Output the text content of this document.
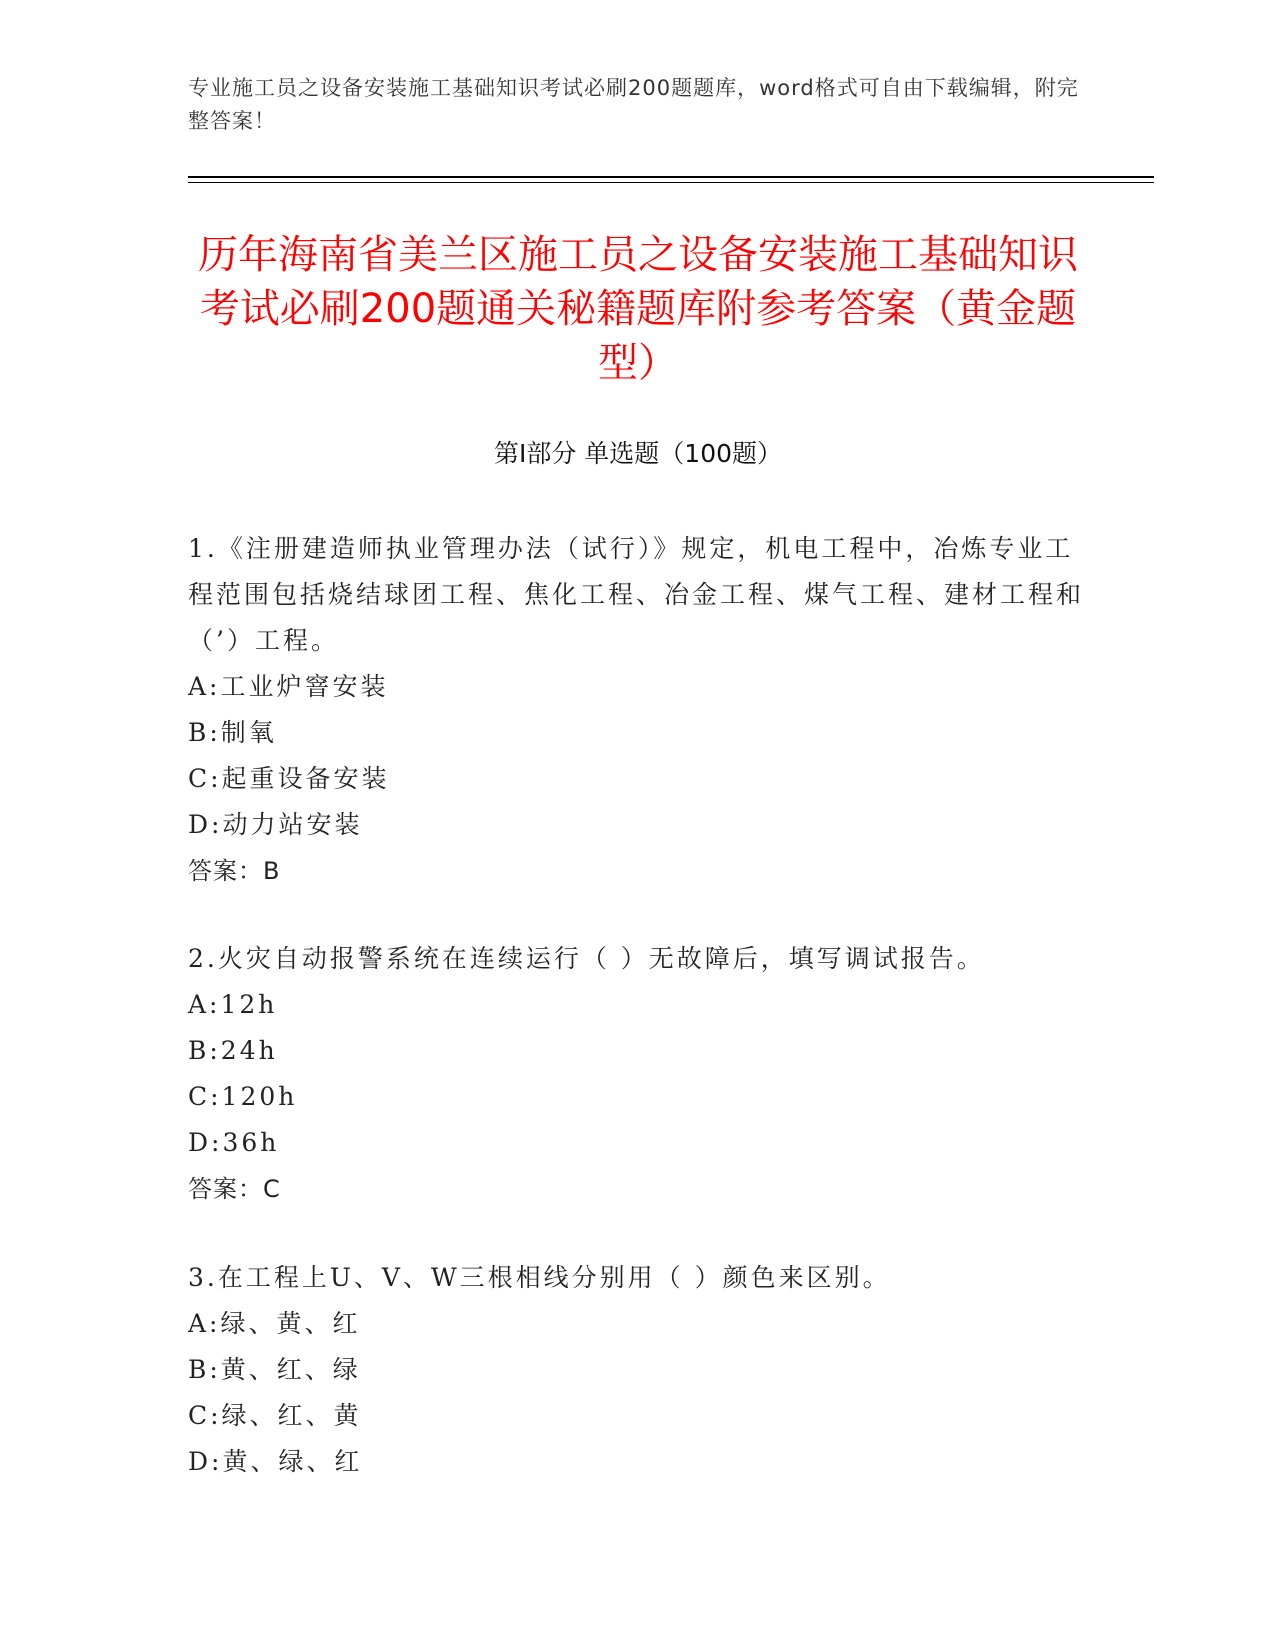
专业施工员之设备安装施工基础知识考试必刷200题题库，word格式可自由下载编辑，附完整答案！
历年海南省美兰区施工员之设备安装施工基础知识考试必刷200题通关秘籍题库附参考答案（黄金题型）
第Ⅰ部分 单选题（100题）
1.《注册建造师执业管理办法（试行）》规定，机电工程中，冶炼专业工程范围包括烧结球团工程、焦化工程、冶金工程、煤气工程、建材工程和（’）工程。
A:工业炉窨安装
B:制氧
C:起重设备安装
D:动力站安装
答案：B
2.火灾自动报警系统在连续运行（ ）无故障后，填写调试报告。
A:12h
B:24h
C:120h
D:36h
答案：C
3.在工程上U、V、W三根相线分别用（ ）颜色来区别。
A:绿、黄、红
B:黄、红、绿
C:绿、红、黄
D:黄、绿、红
